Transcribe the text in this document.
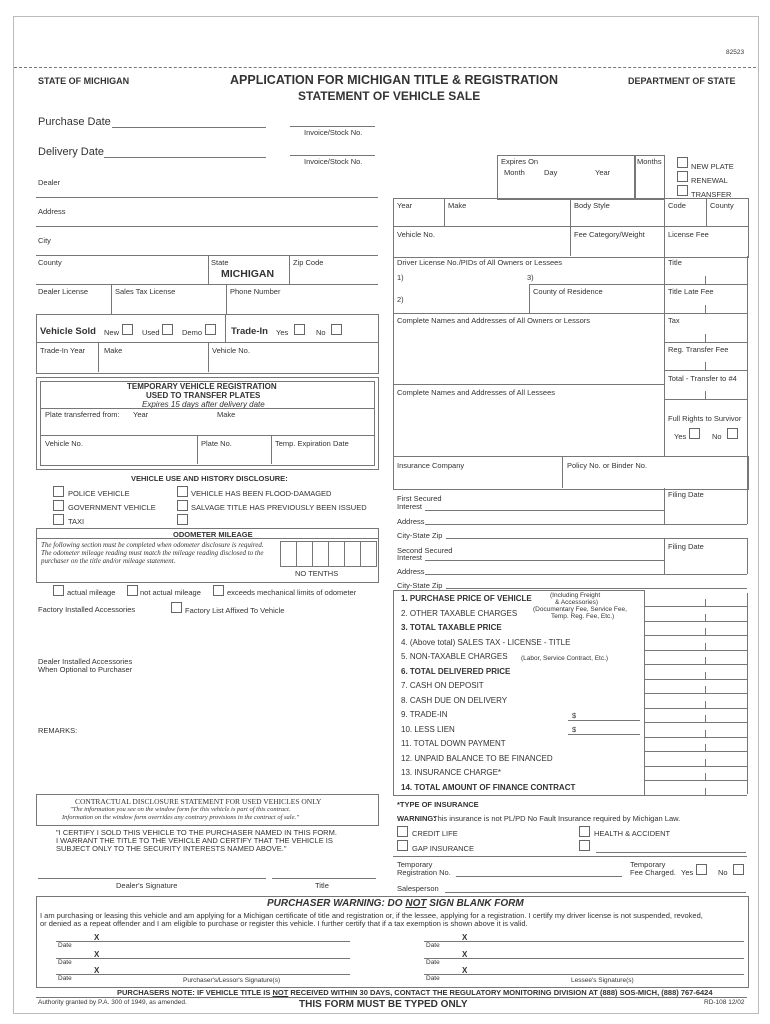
82523
STATE OF MICHIGAN	APPLICATION FOR MICHIGAN TITLE & REGISTRATION
STATEMENT OF VEHICLE SALE
DEPARTMENT OF STATE
Purchase Date
Invoice/Stock No.
Delivery Date
Invoice/Stock No.
Dealer
Address
City
County	State
MICHIGAN
Zip Code
Dealer License	Sales Tax License	Phone Number
Vehicle Sold New	Used	Demo	Trade-In Yes	No
Trade-In Year	Make	Vehicle No.
TEMPORARY VEHICLE REGISTRATION
USED TO TRANSFER PLATES
Expires 15 days after delivery date
Plate transferred from: Year	Make
Vehicle No.	Plate No.	Temp. Expiration Date
VEHICLE USE AND HISTORY DISCLOSURE:
POLICE VEHICLE
GOVERNMENT VEHICLE
TAXI
VEHICLE HAS BEEN FLOOD-DAMAGED
SALVAGE TITLE HAS PREVIOUSLY BEEN ISSUED
ODOMETER MILEAGE
The following section must be completed when odometer disclosure is required. The odometer mileage reading must match the mileage reading disclosed to the purchaser on the title and/or mileage statement.
NO TENTHS
actual mileage	not actual mileage	exceeds mechanical limits of odometer
Factory Installed Accessories	Factory List Affixed To Vehicle
Dealer Installed Accessories
When Optional to Purchaser
REMARKS:
CONTRACTUAL DISCLOSURE STATEMENT FOR USED VEHICLES ONLY
"The information you see on the window form for this vehicle is part of this contract.
Information on the window form overrides any contrary provisions in the contract of sale."
"I CERTIFY I SOLD THIS VEHICLE TO THE PURCHASER NAMED IN THIS FORM.
I WARRANT THE TITLE TO THE VEHICLE AND CERTIFY THAT THE VEHICLE IS
SUBJECT ONLY TO THE SECURITY INTERESTS NAMED ABOVE."
Dealer's Signature	Title
Expires On
Month	Day	Year
Months
NEW PLATE
RENEWAL
TRANSFER
Year	Make	Body Style	Code	County
Vehicle No.	Fee Category/Weight	License Fee
Driver License No./PIDs of All Owners or Lessees
1)	3)
County of Residence
2)
Complete Names and Addresses of All Owners or Lessors
Complete Names and Addresses of All Lessees
Title
Title Late Fee
Tax
Reg. Transfer Fee
Total - Transfer to #4
Full Rights to Survivor
Yes	No
Insurance Company	Policy No. or Binder No.
Filing Date
First Secured
Interest
Address
City-State Zip
Filing Date
Second Secured
Interest
Address
City-State Zip
1. PURCHASE PRICE OF VEHICLE
2. OTHER TAXABLE CHARGES
3. TOTAL TAXABLE PRICE
4. (Above total) SALES TAX - LICENSE - TITLE
5. NON-TAXABLE CHARGES
6. TOTAL DELIVERED PRICE
7. CASH ON DEPOSIT
8. CASH DUE ON DELIVERY
9. TRADE-IN
10. LESS LIEN
11. TOTAL DOWN PAYMENT
12. UNPAID BALANCE TO BE FINANCED
13. INSURANCE CHARGE*
14. TOTAL AMOUNT OF FINANCE CONTRACT
(Including Freight
& Accessories)
(Documentary Fee, Service Fee,
Temp. Reg. Fee, Etc.)
(Labor, Service Contract, Etc.)
$
$
*TYPE OF INSURANCE
WARNING:
This insurance is not PL/PD No Fault Insurance required by Michigan Law.
CREDIT LIFE	HEALTH & ACCIDENT
GAP INSURANCE
Temporary
Registration No.
Temporary
Fee Charged. Yes	No
Salesperson
PURCHASER WARNING: DO NOT SIGN BLANK FORM
I am purchasing or leasing this vehicle and am applying for a Michigan certificate of title and registration or, if the lessee, applying for a registration. I certify my driver license is not suspended, revoked,
or denied as a repeat offender and I am eligible to purchase or register this vehicle. I further certify that if a tax exemption is shown above it is valid.
Date
X
Date
X
Date
X
Date
X
Date
X
Date
X
Purchaser's/Lessor's Signature(s)	Lessee's Signature(s)
PURCHASERS NOTE: IF VEHICLE TITLE IS NOT RECEIVED WITHIN 30 DAYS, CONTACT THE REGULATORY MONITORING DIVISION AT (888) SOS-MICH, (888) 767-6424
Authority granted by P.A. 300 of 1949, as amended.	THIS FORM MUST BE TYPED ONLY	RD-108 12/02
